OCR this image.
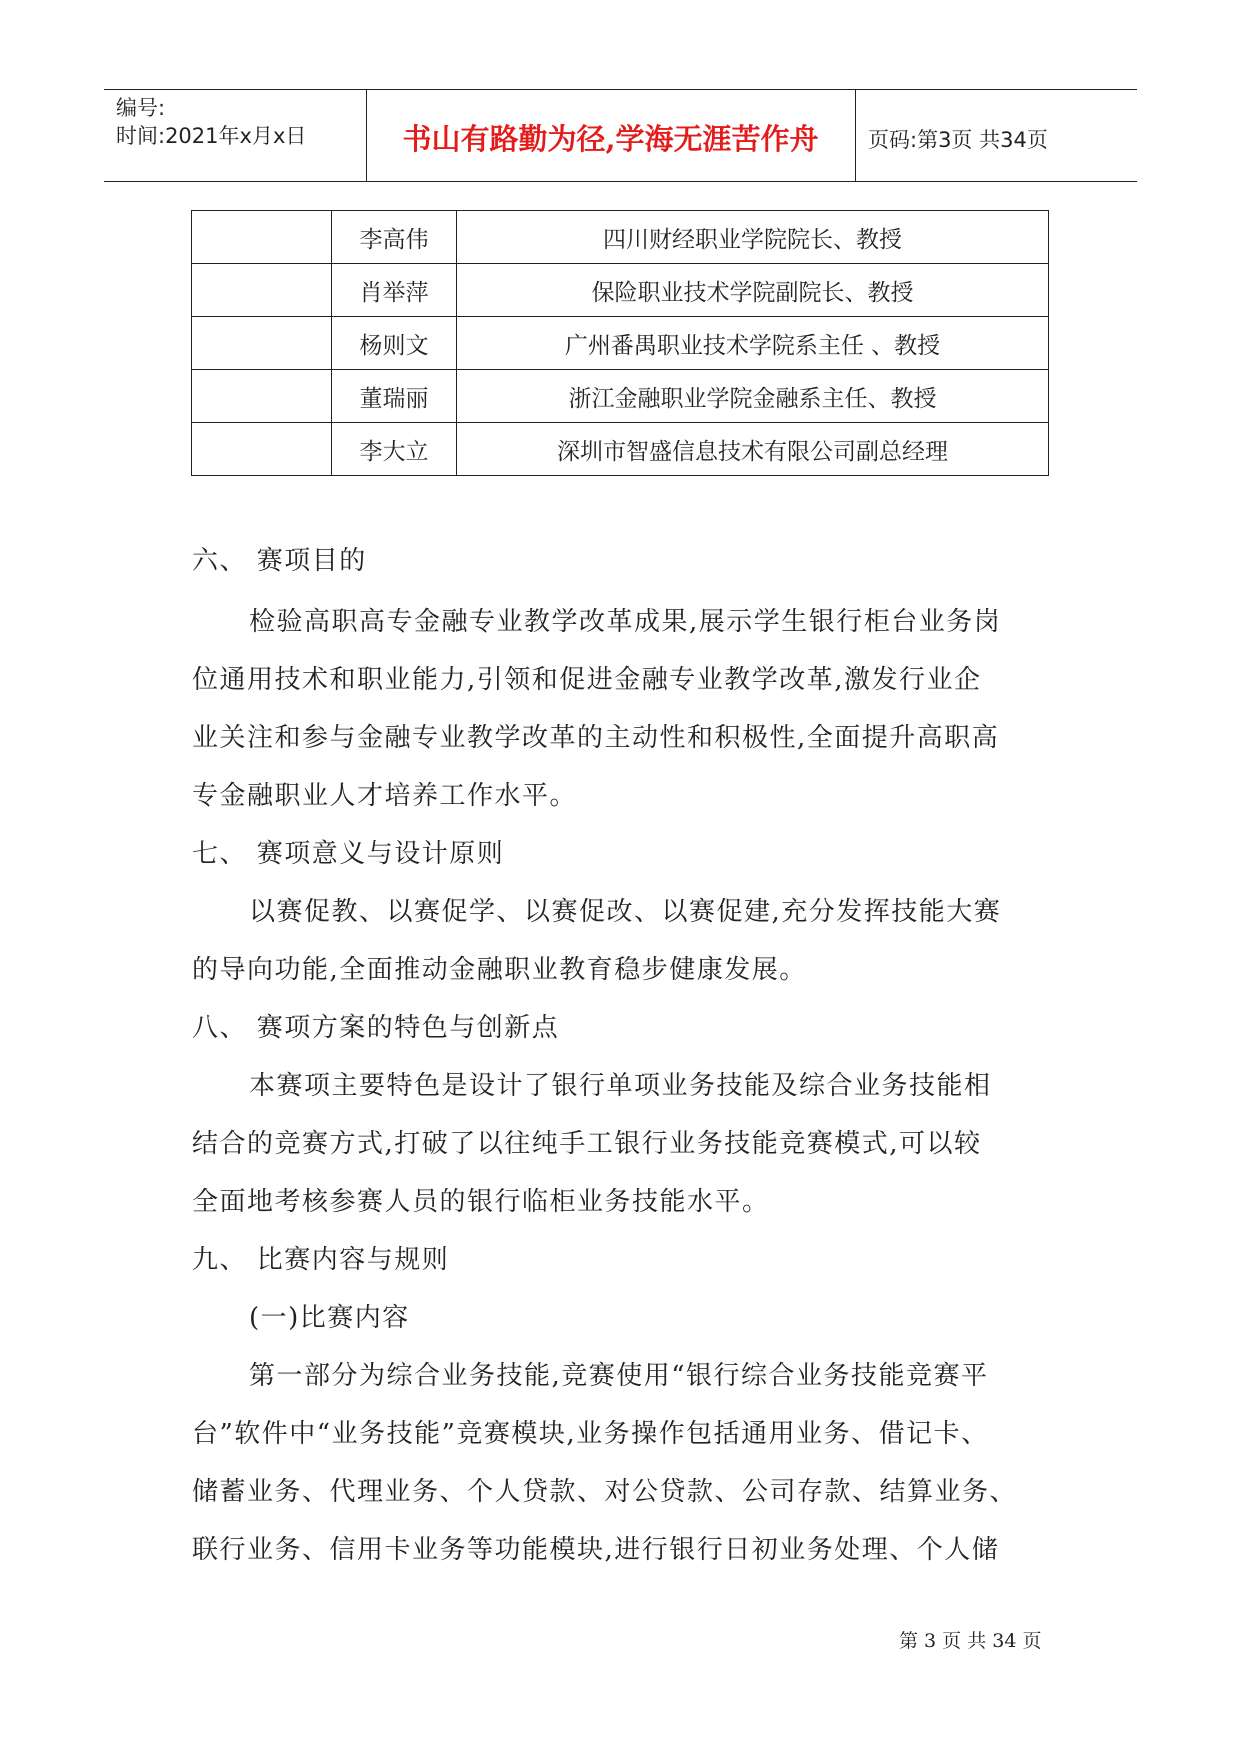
编号:
时间:2021年x月x日	书山有路勤为径,学海无涯苦作舟	页码:第3页 共34页
	李高伟	四川财经职业学院院长、教授
	肖举萍	保险职业技术学院副院长、教授
	杨则文	广州番禺职业技术学院系主任 、教授
	董瑞丽	浙江金融职业学院金融系主任、教授
	李大立	深圳市智盛信息技术有限公司副总经理
六、 赛项目的
检验高职高专金融专业教学改革成果,展示学生银行柜台业务岗
位通用技术和职业能力,引领和促进金融专业教学改革,激发行业企
业关注和参与金融专业教学改革的主动性和积极性,全面提升高职高
专金融职业人才培养工作水平。
七、 赛项意义与设计原则
以赛促教、以赛促学、以赛促改、以赛促建,充分发挥技能大赛
的导向功能,全面推动金融职业教育稳步健康发展。
八、 赛项方案的特色与创新点
本赛项主要特色是设计了银行单项业务技能及综合业务技能相
结合的竞赛方式,打破了以往纯手工银行业务技能竞赛模式,可以较
全面地考核参赛人员的银行临柜业务技能水平。
九、 比赛内容与规则
(一)比赛内容
第一部分为综合业务技能,竞赛使用“银行综合业务技能竞赛平
台”软件中“业务技能”竞赛模块,业务操作包括通用业务、借记卡、
储蓄业务、代理业务、个人贷款、对公贷款、公司存款、结算业务、
联行业务、信用卡业务等功能模块,进行银行日初业务处理、个人储
第 3 页 共 34 页
